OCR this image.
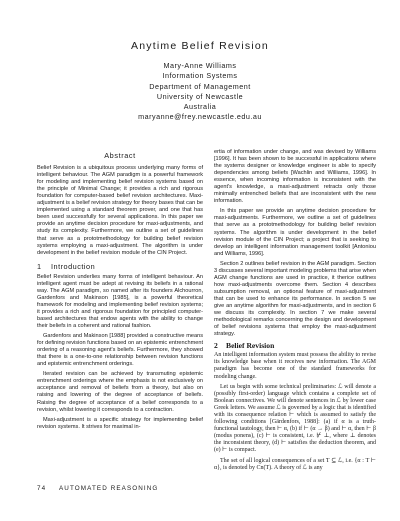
Anytime Belief Revision
Mary-Anne Williams
Information Systems
Department of Management
University of Newcastle
Australia
maryanne@frey.newcastle.edu.au
Abstract

Belief Revision is a ubiquitous process underlying many forms of intelligent behaviour. The AGM paradigm is a powerful framework for modeling and implementing belief revision systems based on the principle of Minimal Change; it provides a rich and rigorous foundation for computer-based belief revision architectures. Maxi-adjustment is a belief revision strategy for theory bases that can be implemented using a standard theorem prover, and one that has been used successfully for several applications. In this paper we provide an anytime decision procedure for maxi-adjustments, and study its complexity. Furthermore, we outline a set of guidelines that serve as a prototmethodology for building belief revision systems employing a maxi-adjustment. The algorithm is under development in the belief revision module of the CIN Project.

1 Introduction

Belief Revision underlies many forms of intelligent behaviour. An intelligent agent must be adept at revising its beliefs in a rational way. The AGM paradigm, so named after its founders Alchourron, Gardenfors and Makinson [1985], is a powerful theoretical framework for modeling and implementing belief revision systems; it provides a rich and rigorous foundation for principled computer-based architectures that endow agents with the ability to change their beliefs in a coherent and rational fashion.

Gardenfors and Makinson [1988] provided a constructive means for defining revision functions based on an epistemic entrenchment ordering of a reasoning agent's beliefs. Furthermore, they showed that there is a one-to-one relationship between revision functions and epistemic entrenchment orderings.

Iterated revision can be achieved by transmuting epistemic entrenchment orderings where the emphasis is not exclusively on acceptance and removal of beliefs from a theory, but also on raising and lowering of the degree of acceptance of beliefs. Raising the degree of acceptance of a belief corresponds to a revision, whilst lowering it corresponds to a contraction.

Maxi-adjustment is a specific strategy for implementing belief revision systems. It strives for maximal in-

ertia of information under change, and was devised by Williams [1996]. It has been shown to be successful in applications where the systems designer or knowledge engineer is able to specify dependencies among beliefs [Wachlin and Williams, 1996]. In essence, when incoming information is inconsistent with the agent's knowledge, a maxi-adjustment retracts only those minimally entrenched beliefs that are inconsistent with the new information.

In this paper we provide an anytime decision procedure for maxi-adjustments. Furthermore, we outline a set of guidelines that serve as a prototmethodology for building belief revision systems. The algorithm is under development in the belief revision module of the CIN Project; a project that is seeking to develop an intelligent information management toolkit [Antoniou and Williams, 1996].

Section 2 outlines belief revision in the AGM paradigm. Section 3 discusses several important modeling problems that arise when AGM change functions are used in practice, it therice outlines how maxi-adjustments overcome them. Section 4 describes subsumption removal, an optional feature of maxi-adjustment that can be used to enhance its performance. In section 5 we give an anytime algorithm for maxi-adjustments, and in section 6 we discuss its complexity. In section 7 we make several methodological remarks concerning the design and development of belief revisions systems that employ the maxi-adjustment strategy.

2 Belief Revision

An intelligent information system must possess the ability to revise its knowledge base when it receives new information. The AGM paradigm has become one of the standard frameworks for modeling change.

Let us begin with some technical preliminaries: ℒ will denote a (possibly first-order) language which contains a complete set of Boolean connectives. We will denote sentences in ℒ by lower case Greek letters. We assume ℒ is governed by a logic that is identified with its consequence relation ⊢ which is assumed to satisfy the following conditions [Gärdenfors, 1988]: (a) if α is a truth-functional tautology, then ⊢ α, (b) if ⊢ (α → β) and ⊢ α, then ⊢ β (modus ponens), (c) ⊢ is consistent, i.e. ⊬ ⊥, where ⊥ denotes the inconsistent theory, (d) ⊢ satisfies the deduction theorem, and (e) ⊢ is compact.

The set of all logical consequences of a set T ⊆ ℒ, i.e. {α : T ⊢ α}, is denoted by Cn(T). A theory of ℒ is any

74 AUTOMATED REASONING
